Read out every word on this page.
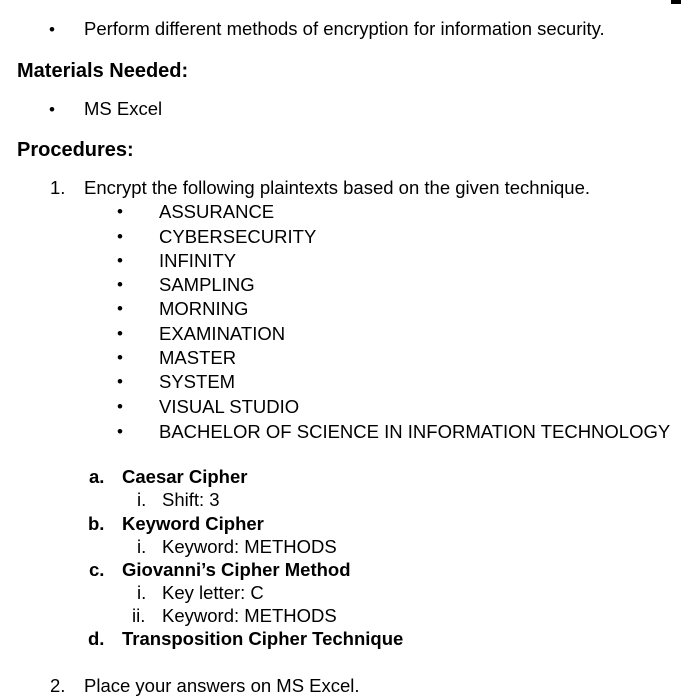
• Perform different methods of encryption for information security.
Materials Needed:
• MS Excel
Procedures:
1. Encrypt the following plaintexts based on the given technique.
• ASSURANCE
• CYBERSECURITY
• INFINITY
• SAMPLING
• MORNING
• EXAMINATION
• MASTER
• SYSTEM
• VISUAL STUDIO
• BACHELOR OF SCIENCE IN INFORMATION TECHNOLOGY
a. Caesar Cipher
i. Shift: 3
b. Keyword Cipher
i. Keyword: METHODS
c. Giovanni’s Cipher Method
i. Key letter: C
ii. Keyword: METHODS
d. Transposition Cipher Technique
2. Place your answers on MS Excel.
